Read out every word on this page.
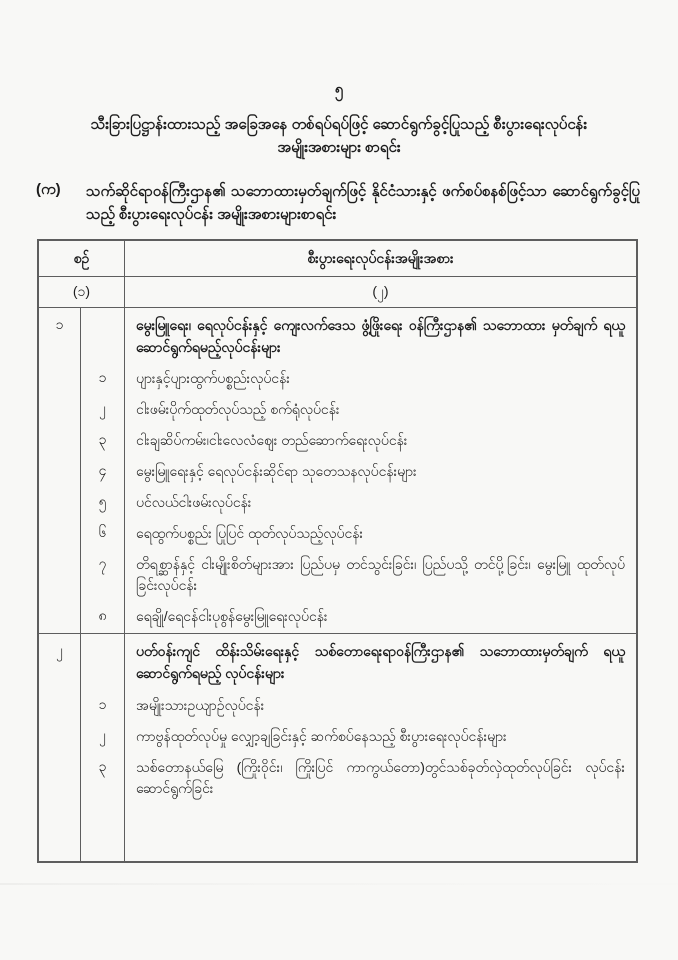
၅
သီးခြားပြဋ္ဌာန်းထားသည့် အခြေအနေ တစ်ရပ်ရပ်ဖြင့် ဆောင်ရွက်ခွင့်ပြုသည့် စီးပွားရေးလုပ်ငန်း
အမျိုးအစားများ စာရင်း
(က)	သက်ဆိုင်ရာဝန်ကြီးဌာန၏ သဘောထားမှတ်ချက်ဖြင့် နိုင်ငံသားနှင့် ဖက်စပ်စနစ်ဖြင့်သာ ဆောင်ရွက်ခွင့်ပြုသည့် စီးပွားရေးလုပ်ငန်း အမျိုးအစားများစာရင်း
စဉ်	စီးပွားရေးလုပ်ငန်းအမျိုးအစား
(၁)	(၂)
၁	မွေးမြူရေး၊ ရေလုပ်ငန်းနှင့် ကျေးလက်ဒေသ ဖွံ့ဖြိုးရေး ဝန်ကြီးဌာန၏ သဘောထား မှတ်ချက် ရယူဆောင်ရွက်ရမည့်လုပ်ငန်းများ
၁	ပျားနှင့်ပျားထွက်ပစ္စည်းလုပ်ငန်း
၂	ငါးဖမ်းပိုက်ထုတ်လုပ်သည့် စက်ရုံလုပ်ငန်း
၃	ငါးချဆိပ်ကမ်း၊ငါးလေလံဈေး တည်ဆောက်ရေးလုပ်ငန်း
၄	မွေးမြူရေးနှင့် ရေလုပ်ငန်းဆိုင်ရာ သုတေသနလုပ်ငန်းများ
၅	ပင်လယ်ငါးဖမ်းလုပ်ငန်း
၆	ရေထွက်ပစ္စည်း ပြုပြင် ထုတ်လုပ်သည့်လုပ်ငန်း
၇	တိရစ္ဆာန်နှင့် ငါးမျိုးစိတ်များအား ပြည်ပမှ တင်သွင်းခြင်း၊ ပြည်ပသို့ တင်ပို့ခြင်း၊ မွေးမြူ ထုတ်လုပ်ခြင်းလုပ်ငန်း
၈	ရေချို/ရေငန်ငါးပုစွန်မွေးမြူရေးလုပ်ငန်း
၂	ပတ်ဝန်းကျင် ထိန်းသိမ်းရေးနှင့် သစ်တောရေးရာဝန်ကြီးဌာန၏ သဘောထားမှတ်ချက် ရယူ ဆောင်ရွက်ရမည့် လုပ်ငန်းများ
၁	အမျိုးသားဥယျာဉ်လုပ်ငန်း
၂	ကာဗွန်ထုတ်လုပ်မှု လျှော့ချခြင်းနှင့် ဆက်စပ်နေသည့် စီးပွားရေးလုပ်ငန်းများ
၃	သစ်တောနယ်မြေ (ကြိုးဝိုင်း၊ ကြိုးပြင် ကာကွယ်တော)တွင်သစ်ခုတ်လှဲထုတ်လုပ်ခြင်း လုပ်ငန်း ဆောင်ရွက်ခြင်း
